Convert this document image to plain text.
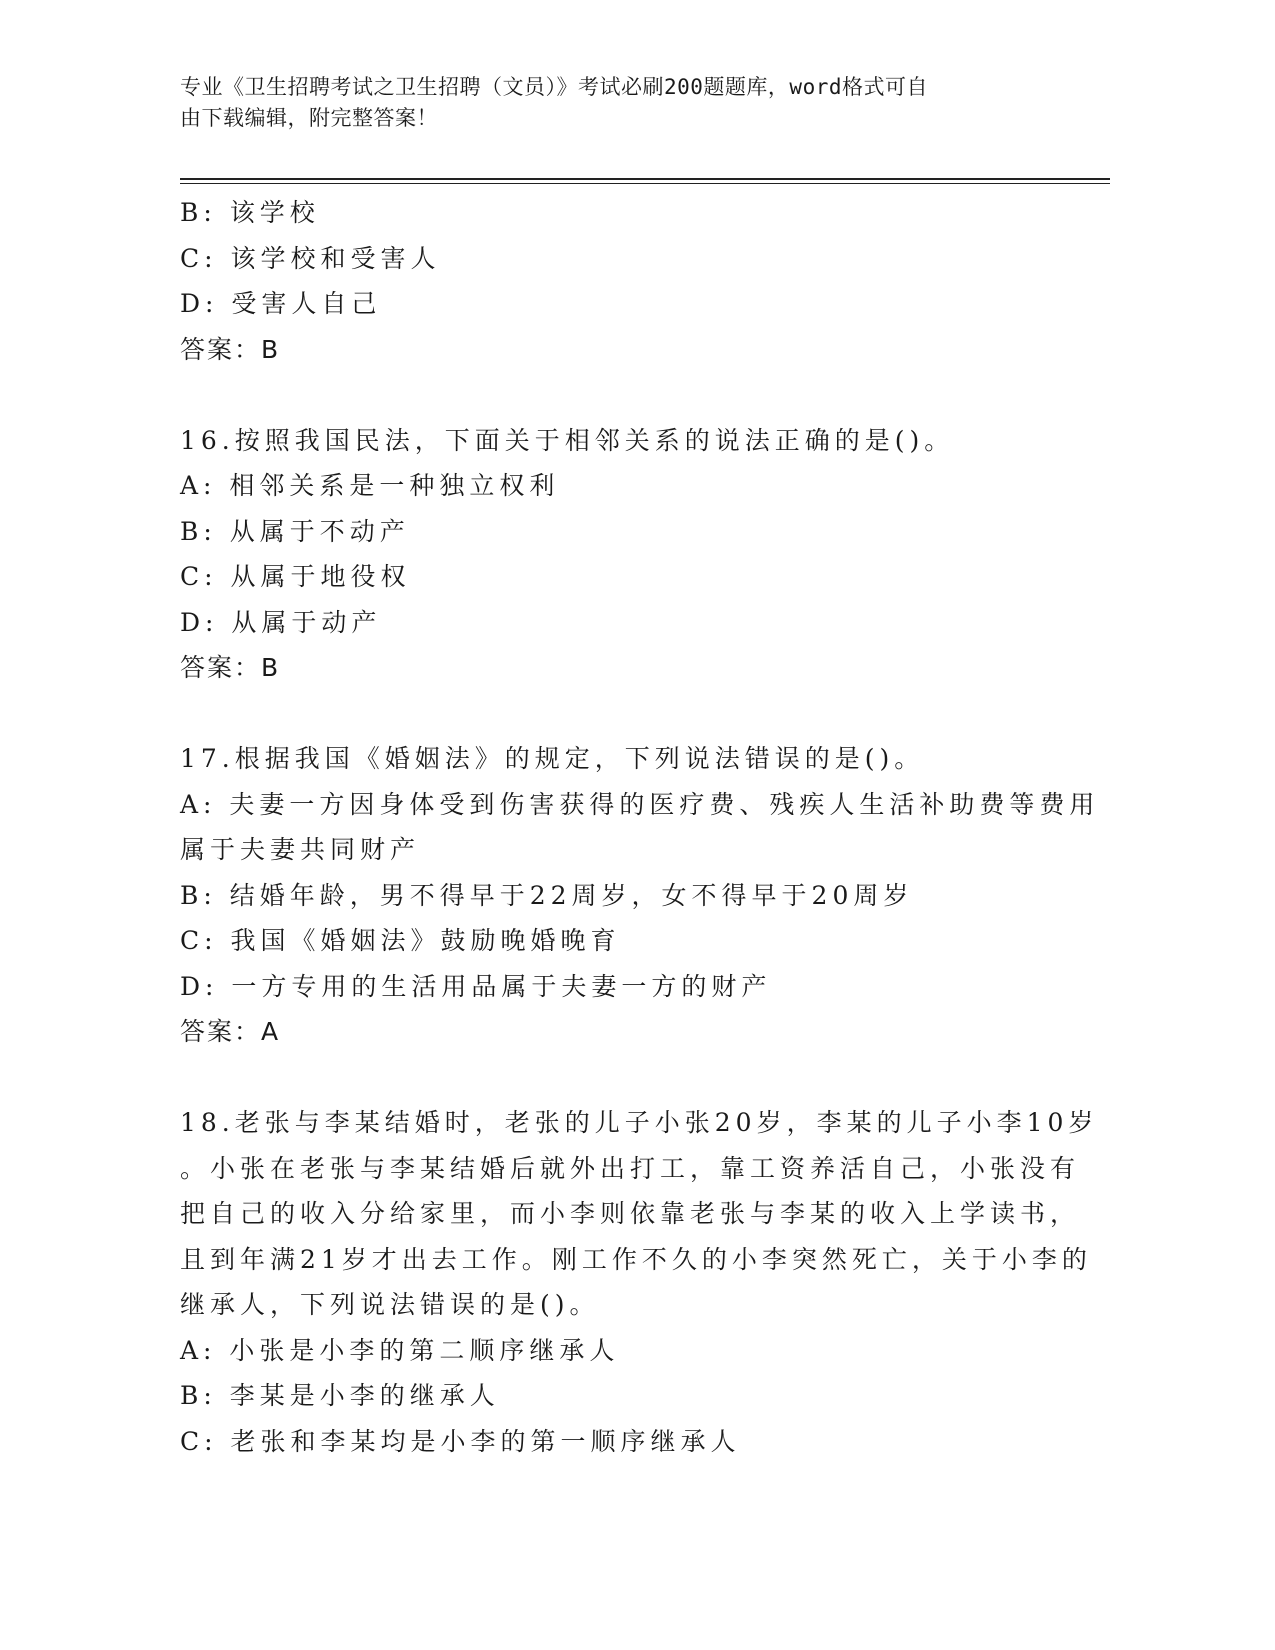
专业《卫生招聘考试之卫生招聘（文员）》考试必刷200题题库，word格式可自
由下载编辑，附完整答案！
B: 该学校
C: 该学校和受害人
D: 受害人自己
答案：B
16.按照我国民法，下面关于相邻关系的说法正确的是()。
A: 相邻关系是一种独立权利
B: 从属于不动产
C: 从属于地役权
D: 从属于动产
答案：B
17.根据我国《婚姻法》的规定，下列说法错误的是()。
A: 夫妻一方因身体受到伤害获得的医疗费、残疾人生活补助费等费用
属于夫妻共同财产
B: 结婚年龄，男不得早于22周岁，女不得早于20周岁
C: 我国《婚姻法》鼓励晚婚晚育
D: 一方专用的生活用品属于夫妻一方的财产
答案：A
18.老张与李某结婚时，老张的儿子小张20岁，李某的儿子小李10岁
。小张在老张与李某结婚后就外出打工，靠工资养活自己，小张没有
把自己的收入分给家里，而小李则依靠老张与李某的收入上学读书，
且到年满21岁才出去工作。刚工作不久的小李突然死亡，关于小李的
继承人，下列说法错误的是()。
A: 小张是小李的第二顺序继承人
B: 李某是小李的继承人
C: 老张和李某均是小李的第一顺序继承人
